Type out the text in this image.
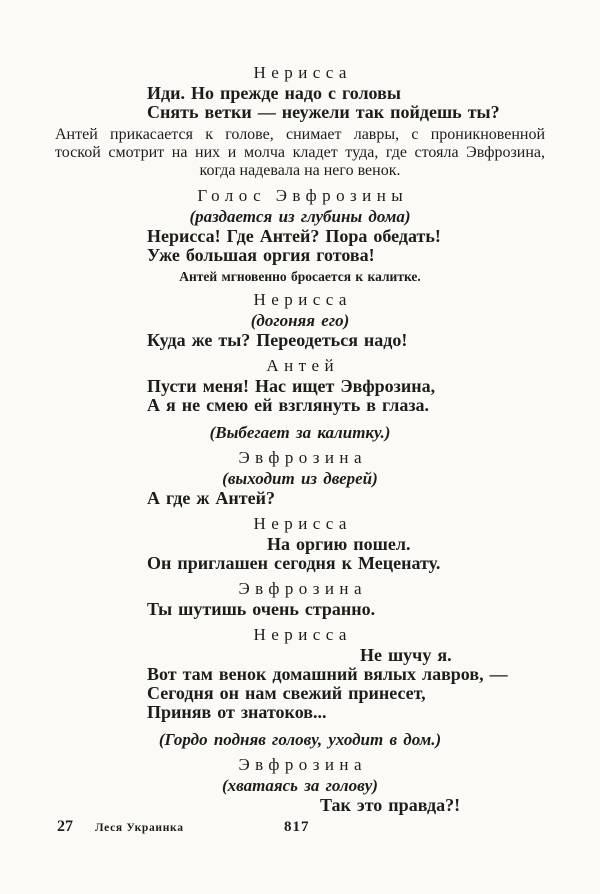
Нерисса
Иди. Но прежде надо с головы
Снять ветки — неужели так пойдешь ты?
Антей прикасается к голове, снимает лавры, с проникновенной
тоской смотрит на них и молча кладет туда, где стояла Эвфрозина,
когда надевала на него венок.
Голос Эвфрозины
(раздается из глубины дома)
Нерисса! Где Антей? Пора обедать!
Уже большая оргия готова!
Антей мгновенно бросается к калитке.
Нерисса
(догоняя его)
Куда же ты? Переодеться надо!
Антей
Пусти меня! Нас ищет Эвфрозина,
А я не смею ей взглянуть в глаза.
(Выбегает за калитку.)
Эвфрозина
(выходит из дверей)
А где ж Антей?
Нерисса
На оргию пошел.
Он приглашен сегодня к Меценату.
Эвфрозина
Ты шутишь очень странно.
Нерисса
Не шучу я.
Вот там венок домашний вялых лавров, —
Сегодня он нам свежий принесет,
Приняв от знатоков...
(Гордо подняв голову, уходит в дом.)
Эвфрозина
(хватаясь за голову)
Так это правда?!
27 Леся Украинка	817
